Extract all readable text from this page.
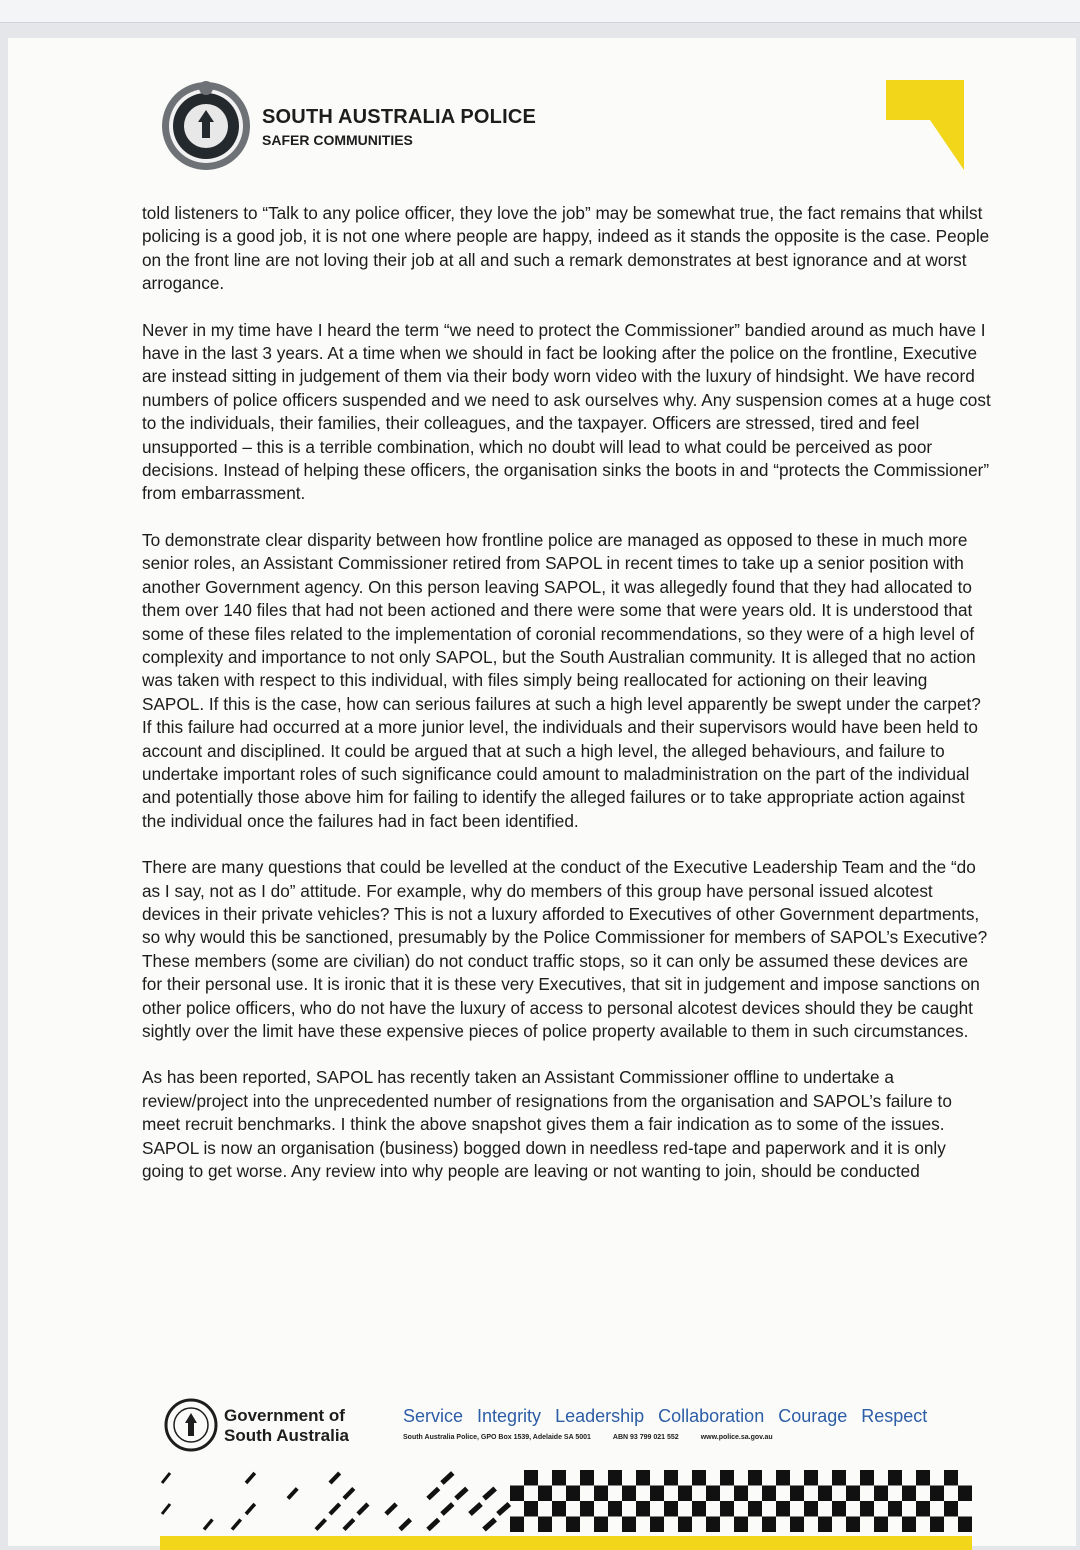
SOUTH AUSTRALIA POLICE
SAFER COMMUNITIES

told listeners to “Talk to any police officer, they love the job” may be somewhat true, the fact remains that whilst policing is a good job, it is not one where people are happy, indeed as it stands the opposite is the case. People on the front line are not loving their job at all and such a remark demonstrates at best ignorance and at worst arrogance.

Never in my time have I heard the term “we need to protect the Commissioner” bandied around as much have I have in the last 3 years. At a time when we should in fact be looking after the police on the frontline, Executive are instead sitting in judgement of them via their body worn video with the luxury of hindsight. We have record numbers of police officers suspended and we need to ask ourselves why. Any suspension comes at a huge cost to the individuals, their families, their colleagues, and the taxpayer. Officers are stressed, tired and feel unsupported – this is a terrible combination, which no doubt will lead to what could be perceived as poor decisions. Instead of helping these officers, the organisation sinks the boots in and “protects the Commissioner” from embarrassment.

To demonstrate clear disparity between how frontline police are managed as opposed to these in much more senior roles, an Assistant Commissioner retired from SAPOL in recent times to take up a senior position with another Government agency. On this person leaving SAPOL, it was allegedly found that they had allocated to them over 140 files that had not been actioned and there were some that were years old. It is understood that some of these files related to the implementation of coronial recommendations, so they were of a high level of complexity and importance to not only SAPOL, but the South Australian community. It is alleged that no action was taken with respect to this individual, with files simply being reallocated for actioning on their leaving SAPOL. If this is the case, how can serious failures at such a high level apparently be swept under the carpet? If this failure had occurred at a more junior level, the individuals and their supervisors would have been held to account and disciplined. It could be argued that at such a high level, the alleged behaviours, and failure to undertake important roles of such significance could amount to maladministration on the part of the individual and potentially those above him for failing to identify the alleged failures or to take appropriate action against the individual once the failures had in fact been identified.

There are many questions that could be levelled at the conduct of the Executive Leadership Team and the “do as I say, not as I do” attitude. For example, why do members of this group have personal issued alcotest devices in their private vehicles? This is not a luxury afforded to Executives of other Government departments, so why would this be sanctioned, presumably by the Police Commissioner for members of SAPOL’s Executive? These members (some are civilian) do not conduct traffic stops, so it can only be assumed these devices are for their personal use. It is ironic that it is these very Executives, that sit in judgement and impose sanctions on other police officers, who do not have the luxury of access to personal alcotest devices should they be caught sightly over the limit have these expensive pieces of police property available to them in such circumstances.

As has been reported, SAPOL has recently taken an Assistant Commissioner offline to undertake a review/project into the unprecedented number of resignations from the organisation and SAPOL’s failure to meet recruit benchmarks. I think the above snapshot gives them a fair indication as to some of the issues. SAPOL is now an organisation (business) bogged down in needless red-tape and paperwork and it is only going to get worse. Any review into why people are leaving or not wanting to join, should be conducted

Government of
South Australia
Service Integrity Leadership Collaboration Courage Respect
South Australia Police, GPO Box 1539, Adelaide SA 5001	ABN 93 799 021 552	www.police.sa.gov.au
